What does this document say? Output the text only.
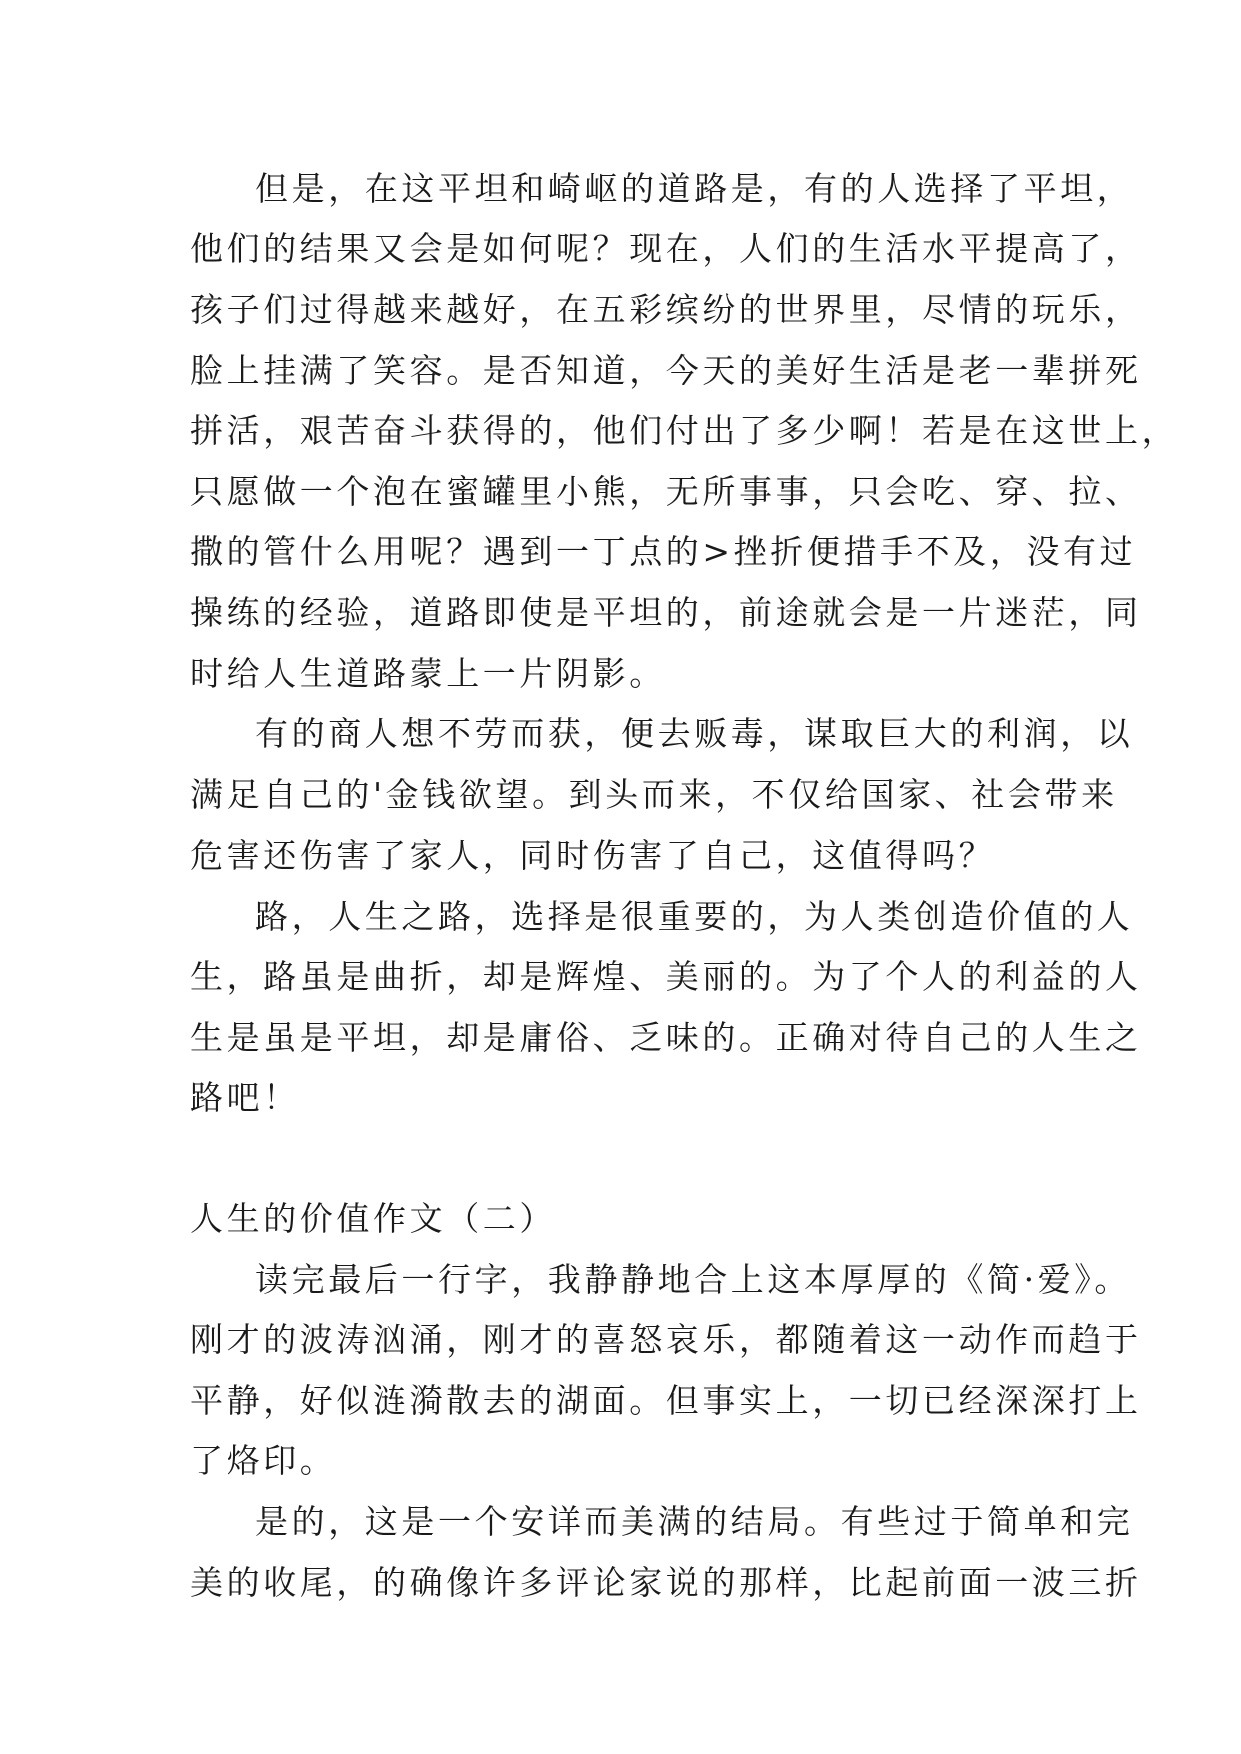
但是，在这平坦和崎岖的道路是，有的人选择了平坦，
他们的结果又会是如何呢？现在，人们的生活水平提高了，
孩子们过得越来越好，在五彩缤纷的世界里，尽情的玩乐，
脸上挂满了笑容。是否知道，今天的美好生活是老一辈拼死
拼活，艰苦奋斗获得的，他们付出了多少啊！若是在这世上，
只愿做一个泡在蜜罐里小熊，无所事事，只会吃、穿、拉、
撒的管什么用呢？遇到一丁点的>挫折便措手不及，没有过
操练的经验，道路即使是平坦的，前途就会是一片迷茫，同
时给人生道路蒙上一片阴影。
有的商人想不劳而获，便去贩毒，谋取巨大的利润，以
满足自己的'金钱欲望。到头而来，不仅给国家、社会带来
危害还伤害了家人，同时伤害了自己，这值得吗？
路，人生之路，选择是很重要的，为人类创造价值的人
生，路虽是曲折，却是辉煌、美丽的。为了个人的利益的人
生是虽是平坦，却是庸俗、乏味的。正确对待自己的人生之
路吧！
人生的价值作文（二）
读完最后一行字，我静静地合上这本厚厚的《简·爱》。
刚才的波涛汹涌，刚才的喜怒哀乐，都随着这一动作而趋于
平静，好似涟漪散去的湖面。但事实上，一切已经深深打上
了烙印。
是的，这是一个安详而美满的结局。有些过于简单和完
美的收尾，的确像许多评论家说的那样，比起前面一波三折
